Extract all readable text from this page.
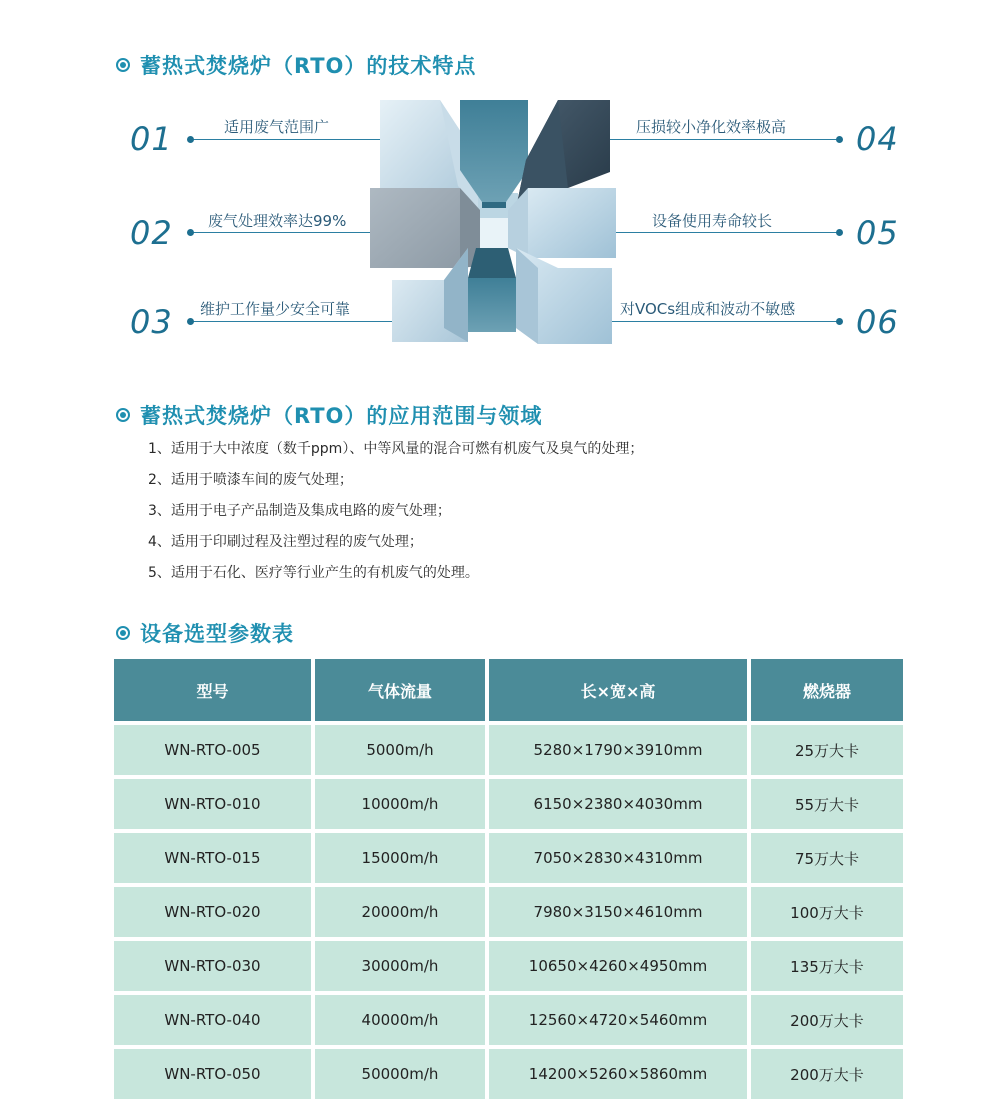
蓄热式焚烧炉（RTO）的技术特点
01
02
03
04
05
06
适用废气范围广
废气处理效率达99%
维护工作量少安全可靠
压损较小净化效率极高
设备使用寿命较长
对VOCs组成和波动不敏感
蓄热式焚烧炉（RTO）的应用范围与领域
1、适用于大中浓度（数千ppm）、中等风量的混合可燃有机废气及臭气的处理；
2、适用于喷漆车间的废气处理；
3、适用于电子产品制造及集成电路的废气处理；
4、适用于印刷过程及注塑过程的废气处理；
5、适用于石化、医疗等行业产生的有机废气的处理。
设备选型参数表
型号	气体流量	长×宽×高	燃烧器
WN-RTO-005	5000m/h	5280×1790×3910mm	25万大卡
WN-RTO-010	10000m/h	6150×2380×4030mm	55万大卡
WN-RTO-015	15000m/h	7050×2830×4310mm	75万大卡
WN-RTO-020	20000m/h	7980×3150×4610mm	100万大卡
WN-RTO-030	30000m/h	10650×4260×4950mm	135万大卡
WN-RTO-040	40000m/h	12560×4720×5460mm	200万大卡
WN-RTO-050	50000m/h	14200×5260×5860mm	200万大卡
